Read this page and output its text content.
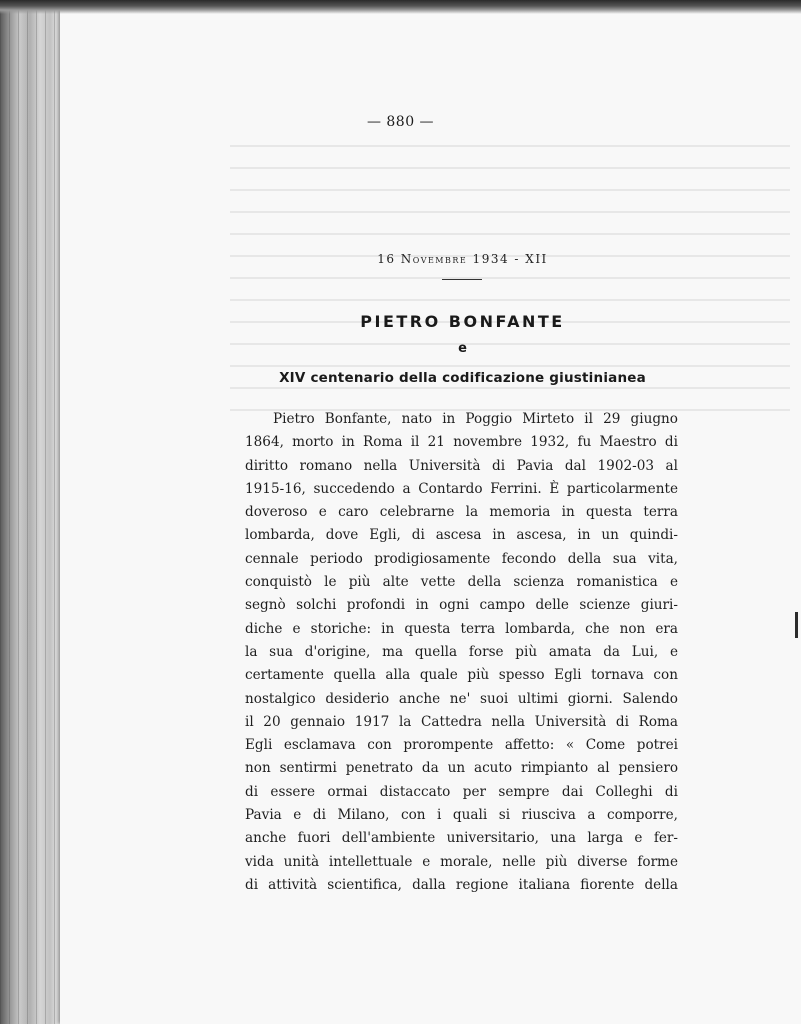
— 880 —
16 Novembre 1934 - XII
PIETRO BONFANTE
e
XIV centenario della codificazione giustinianea
Pietro Bonfante, nato in Poggio Mirteto il 29 giugno
1864, morto in Roma il 21 novembre 1932, fu Maestro di
diritto romano nella Università di Pavia dal 1902-03 al
1915-16, succedendo a Contardo Ferrini. È particolarmente
doveroso e caro celebrarne la memoria in questa terra
lombarda, dove Egli, di ascesa in ascesa, in un quindi-
cennale periodo prodigiosamente fecondo della sua vita,
conquistò le più alte vette della scienza romanistica e
segnò solchi profondi in ogni campo delle scienze giuri-
diche e storiche: in questa terra lombarda, che non era
la sua d'origine, ma quella forse più amata da Lui, e
certamente quella alla quale più spesso Egli tornava con
nostalgico desiderio anche ne' suoi ultimi giorni. Salendo
il 20 gennaio 1917 la Cattedra nella Università di Roma
Egli esclamava con prorompente affetto: « Come potrei
non sentirmi penetrato da un acuto rimpianto al pensiero
di essere ormai distaccato per sempre dai Colleghi di
Pavia e di Milano, con i quali si riusciva a comporre,
anche fuori dell'ambiente universitario, una larga e fer-
vida unità intellettuale e morale, nelle più diverse forme
di attività scientifica, dalla regione italiana fiorente della
